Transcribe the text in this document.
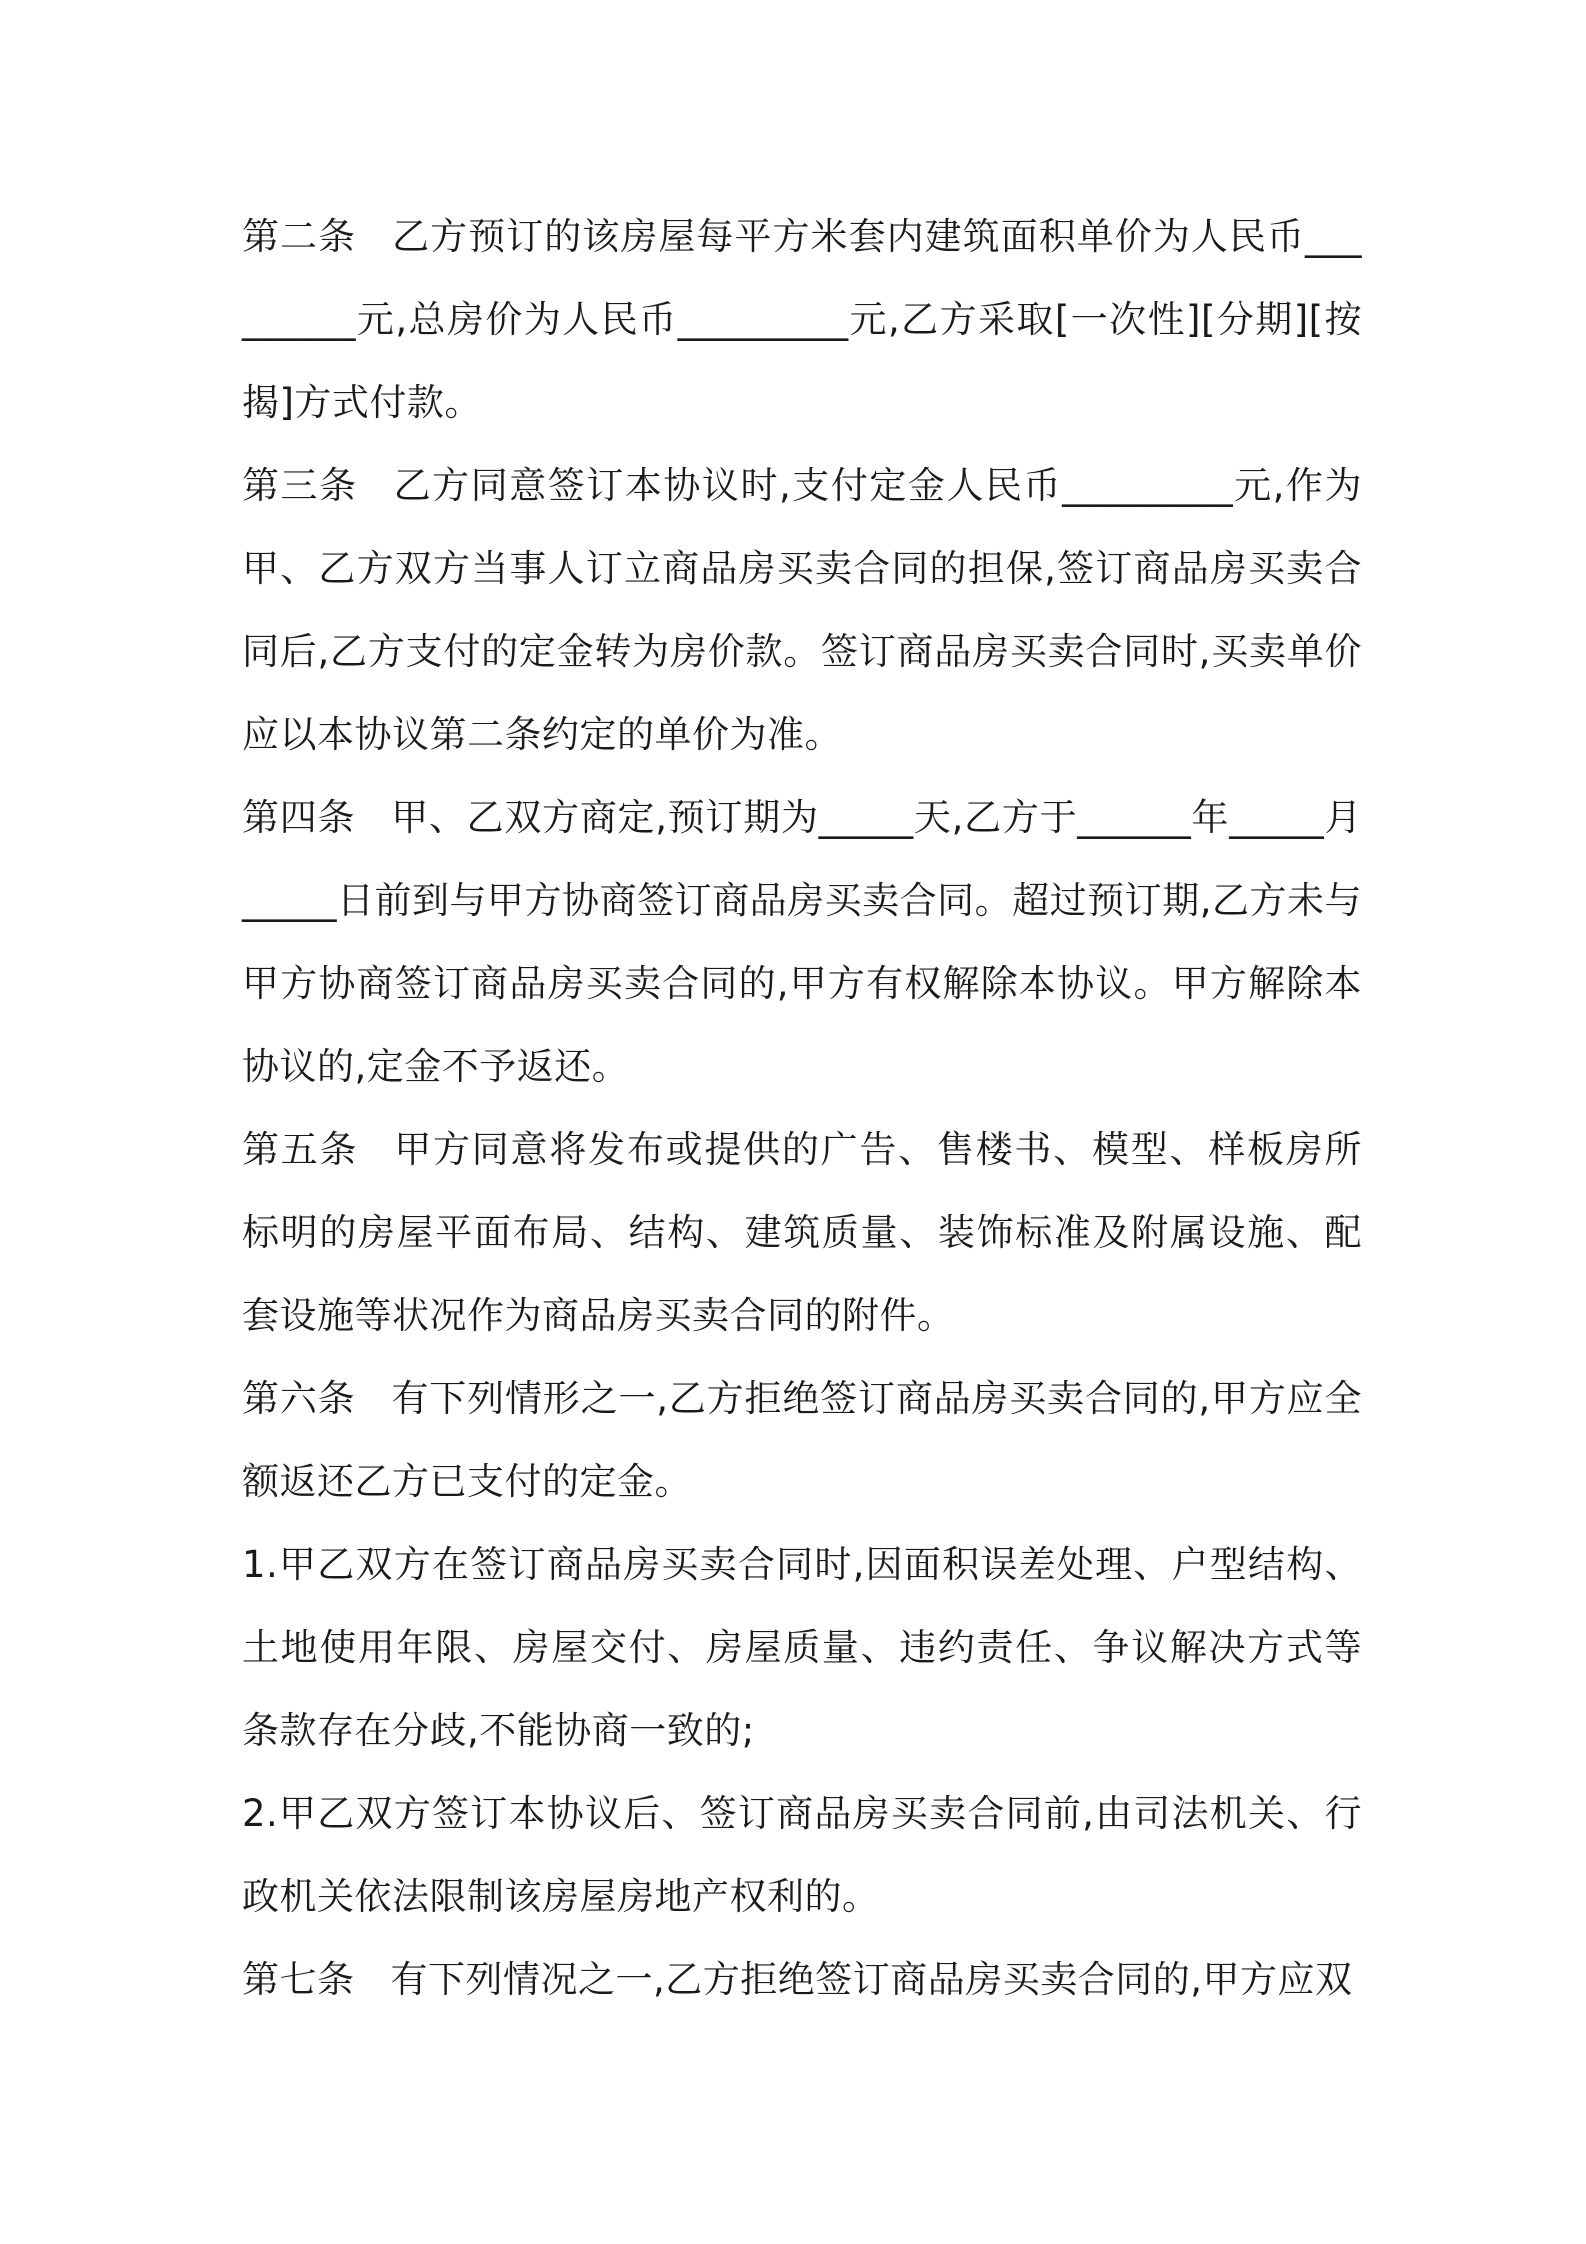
第二条 乙方预订的该房屋每平方米套内建筑面积单价为人民币_________元,总房价为人民币_________元,乙方采取[一次性][分期][按揭]方式付款。

第三条 乙方同意签订本协议时,支付定金人民币_________元,作为甲、乙方双方当事人订立商品房买卖合同的担保,签订商品房买卖合同后,乙方支付的定金转为房价款。签订商品房买卖合同时,买卖单价应以本协议第二条约定的单价为准。

第四条 甲、乙双方商定,预订期为_____天,乙方于______年_____月_____日前到与甲方协商签订商品房买卖合同。超过预订期,乙方未与甲方协商签订商品房买卖合同的,甲方有权解除本协议。甲方解除本协议的,定金不予返还。

第五条 甲方同意将发布或提供的广告、售楼书、模型、样板房所标明的房屋平面布局、结构、建筑质量、装饰标准及附属设施、配套设施等状况作为商品房买卖合同的附件。

第六条 有下列情形之一,乙方拒绝签订商品房买卖合同的,甲方应全额返还乙方已支付的定金。

1.甲乙双方在签订商品房买卖合同时,因面积误差处理、户型结构、土地使用年限、房屋交付、房屋质量、违约责任、争议解决方式等条款存在分歧,不能协商一致的;

2.甲乙双方签订本协议后、签订商品房买卖合同前,由司法机关、行政机关依法限制该房屋房地产权利的。

第七条 有下列情况之一,乙方拒绝签订商品房买卖合同的,甲方应双
